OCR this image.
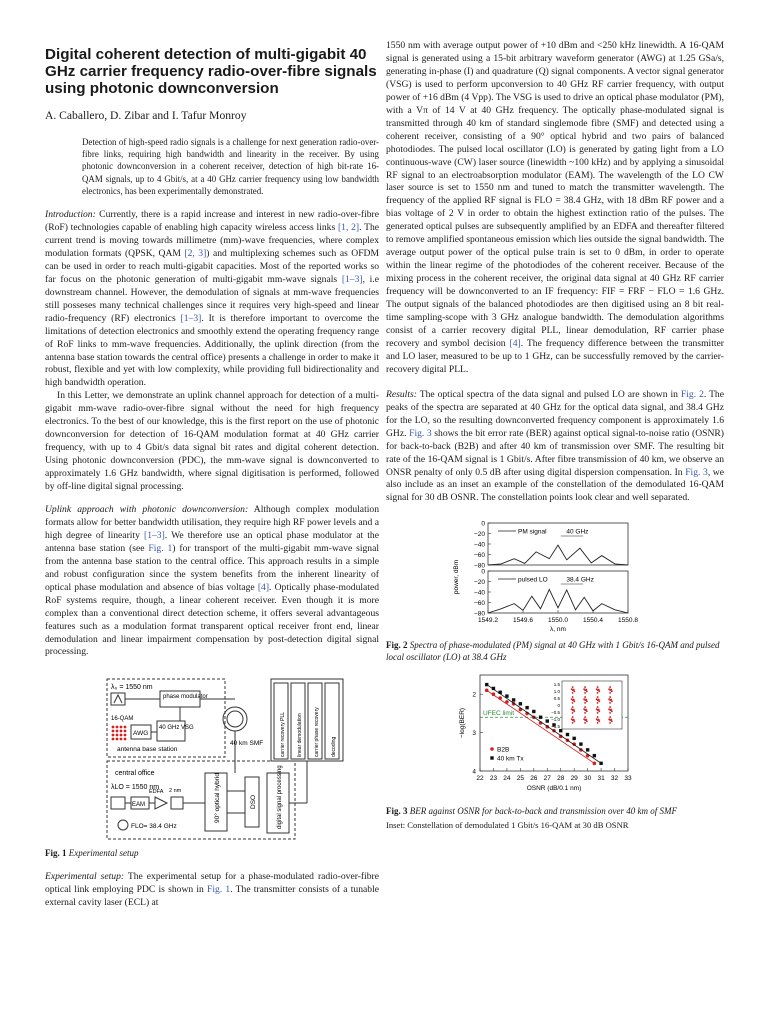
Digital coherent detection of multi-gigabit 40 GHz carrier frequency radio-over-fibre signals using photonic downconversion
A. Caballero, D. Zibar and I. Tafur Monroy
Detection of high-speed radio signals is a challenge for next generation radio-over-fibre links, requiring high bandwidth and linearity in the receiver. By using photonic downconversion in a coherent receiver, detection of high bit-rate 16-QAM signals, up to 4 Gbit/s, at a 40 GHz carrier frequency using low bandwidth electronics, has been experimentally demonstrated.

Introduction: Currently, there is a rapid increase and interest in new radio-over-fibre (RoF) technologies capable of enabling high capacity wireless access links [1, 2]. The current trend is moving towards millimetre (mm)-wave frequencies, where complex modulation formats (QPSK, QAM [2, 3]) and multiplexing schemes such as OFDM can be used in order to reach multi-gigabit capacities. Most of the reported works so far focus on the photonic generation of multi-gigabit mm-wave signals [1–3], i.e downstream channel. However, the demodulation of signals at mm-wave frequencies still posseses many technical challenges since it requires very high-speed and linear radio-frequency (RF) electronics [1–3]. It is therefore important to overcome the limitations of detection electronics and smoothly extend the operating frequency range of RoF links to mm-wave frequencies. Additionally, the uplink direction (from the antenna base station towards the central office) presents a challenge in order to make it robust, flexible and yet with low complexity, while providing full bidirectionality and high bandwidth operation.

In this Letter, we demonstrate an uplink channel approach for detection of a multi-gigabit mm-wave radio-over-fibre signal without the need for high frequency electronics. To the best of our knowledge, this is the first report on the use of photonic downconversion for detection of 16-QAM modulation format at 40 GHz carrier frequency, with up to 4 Gbit/s data signal bit rates and digital coherent detection. Using photonic downconversion (PDC), the mm-wave signal is downconverted to approximately 1.6 GHz bandwidth, where signal digitisation is performed, followed by off-line digital signal processing.

Uplink approach with photonic downconversion: Although complex modulation formats allow for better bandwidth utilisation, they require high RF power levels and a high degree of linearity [1–3]. We therefore use an optical phase modulator at the antenna base station (see Fig. 1) for transport of the multi-gigabit mm-wave signal from the antenna base station to the central office. This approach results in a simple and robust configuration since the system benefits from the inherent linearity of optical phase modulation and absence of bias voltage [4]. Optically phase-modulated RoF systems require, though, a linear coherent receiver. Even though it is more complex than a conventional direct detection scheme, it offers several advantageous features such as a modulation format transparent optical receiver front end, linear demodulation and linear impairment compensation by post-detection digital signal processing.

λ₀ = 1550 nm
phase modulator
16-QAM
AWG
40 GHz VSG
antenna base station
40 km SMF
central office
λLO = 1550 nm
EAM
EDFA 2 nm
FLO= 38.4 GHz
90° optical hybrid	DSO	digital signal processing
carrier recovery PLL linear demodulation carrier phase recovery decoding
Fig. 1 Experimental setup

Experimental setup: The experimental setup for a phase-modulated radio-over-fibre optical link employing PDC is shown in Fig. 1. The transmitter consists of a tunable external cavity laser (ECL) at

1550 nm with average output power of +10 dBm and <250 kHz linewidth. A 16-QAM signal is generated using a 15-bit arbitrary waveform generator (AWG) at 1.25 GSa/s, generating in-phase (I) and quadrature (Q) signal components. A vector signal generator (VSG) is used to perform upconversion to 40 GHz RF carrier frequency, with output power of +16 dBm (4 Vpp). The VSG is used to drive an optical phase modulator (PM), with a Vπ of 14 V at 40 GHz frequency. The optically phase-modulated signal is transmitted through 40 km of standard singlemode fibre (SMF) and detected using a coherent receiver, consisting of a 90° optical hybrid and two pairs of balanced photodiodes. The pulsed local oscillator (LO) is generated by gating light from a LO continuous-wave (CW) laser source (linewidth ~100 kHz) and by applying a sinusoidal RF signal to an electroabsorption modulator (EAM). The wavelength of the LO CW laser source is set to 1550 nm and tuned to match the transmitter wavelength. The frequency of the applied RF signal is FLO = 38.4 GHz, with 18 dBm RF power and a bias voltage of 2 V in order to obtain the highest extinction ratio of the pulses. The generated optical pulses are subsequently amplified by an EDFA and thereafter filtered to remove amplified spontaneous emission which lies outside the signal bandwidth. The average output power of the optical pulse train is set to 0 dBm, in order to operate within the linear regime of the photodiodes of the coherent receiver. Because of the mixing process in the coherent receiver, the original data signal at 40 GHz RF carrier frequency will be downconverted to an IF frequency: FIF = FRF − FLO = 1.6 GHz. The output signals of the balanced photodiodes are then digitised using an 8 bit real-time sampling-scope with 3 GHz analogue bandwidth. The demodulation algorithms consist of a carrier recovery digital PLL, linear demodulation, RF carrier phase recovery and symbol decision [4]. The frequency difference between the transmitter and LO laser, measured to be up to 1 GHz, can be successfully removed by the carrier-recovery digital PLL.

Results: The optical spectra of the data signal and pulsed LO are shown in Fig. 2. The peaks of the spectra are separated at 40 GHz for the optical data signal, and 38.4 GHz for the LO, so the resulting downconverted frequency component is approximately 1.6 GHz. Fig. 3 shows the bit error rate (BER) against optical signal-to-noise ratio (OSNR) for back-to-back (B2B) and after 40 km of transmission over SMF. The resulting bit rate of the 16-QAM signal is 1 Gbit/s. After fibre transmission of 40 km, we observe an ONSR penalty of only 0.5 dB after using digital dispersion compensation. In Fig. 3, we also include as an inset an example of the constellation of the demodulated 16-QAM signal for 30 dB OSNR. The constellation points look clear and well separated.

0
−20
−40
−60
−80
PM signal	40 GHz
0
−20
−40
−60
−80
pulsed LO	38.4 GHz
1549.2 1549.6 1550.0 1550.4 1550.8
λ, nm
power, dBm
Fig. 2 Spectra of phase-modulated (PM) signal at 40 GHz with 1 Gbit/s 16-QAM and pulsed local oscillator (LO) at 38.4 GHz
22 23 24 25 26 27 28 29 30 31 32 33
2
3
4
UFEC limit
B2B
40 km Tx
OSNR (dB/0.1 nm)
−log(BER)
1.5
1.0
0.5
0
−0.5
−1.0
−1.5
Fig. 3 BER against OSNR for back-to-back and transmission over 40 km of SMF
Inset: Constellation of demodulated 1 Gbit/s 16-QAM at 30 dB OSNR
